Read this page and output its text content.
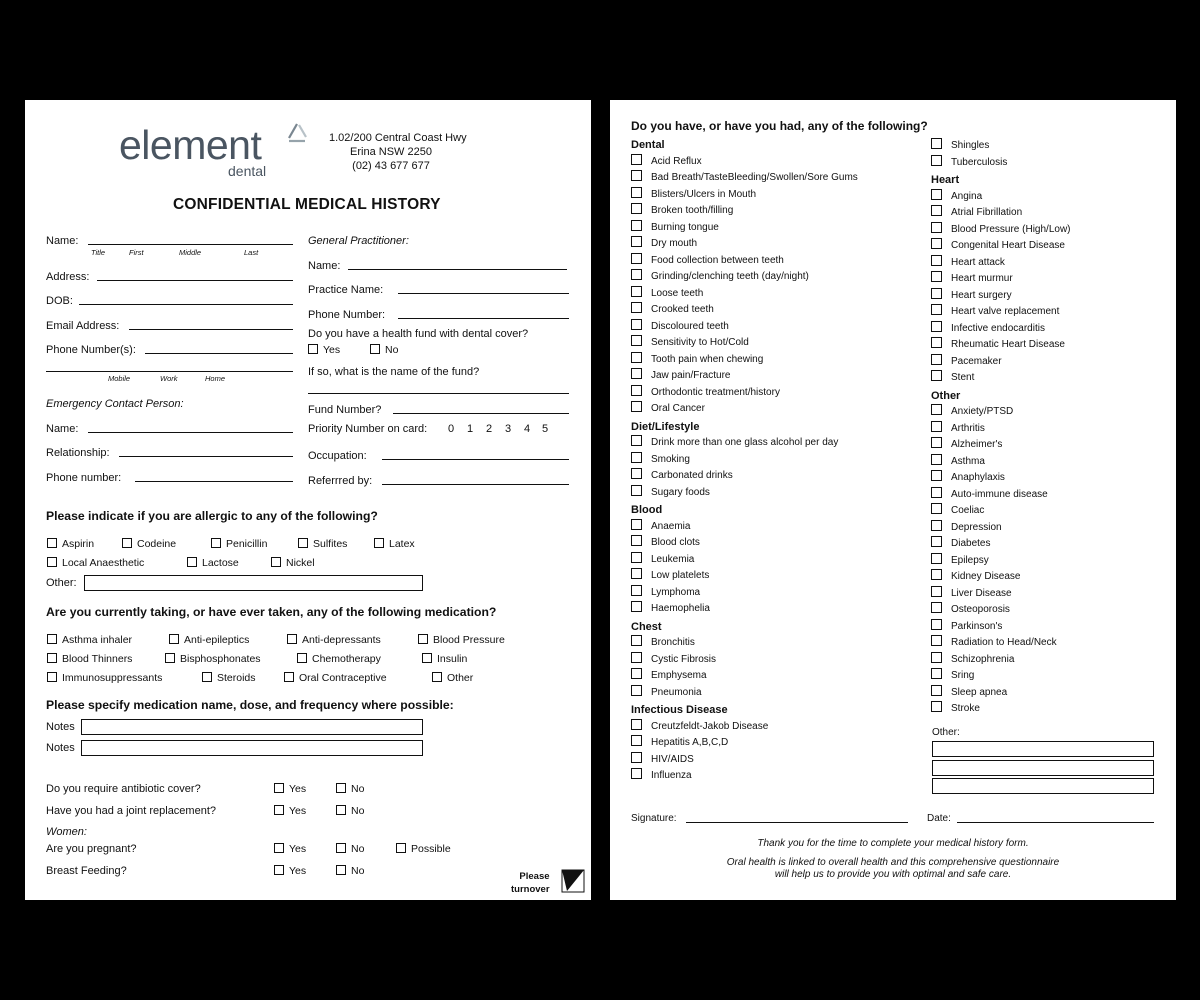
element
dental
1.02/200 Central Coast Hwy
Erina NSW 2250
(02) 43 677 677
CONFIDENTIAL MEDICAL HISTORY
Name:
Title	First	Middle	Last
Address:
DOB:
Email Address:
Phone Number(s):
Mobile	Work	Home
Emergency Contact Person:
Name:
Relationship:
Phone number:
General Practitioner:
Name:
Practice Name:
Phone Number:
Do you have a health fund with dental cover?
Yes	No
If so, what is the name of the fund?
Fund Number?
Priority Number on card: 0 1 2 3 4 5
Occupation:
Referrred by:
Please indicate if you are allergic to any of the following?
Aspirin	Codeine	Penicillin	Sulfites	Latex
Local Anaesthetic	Lactose	Nickel
Other:
Are you currently taking, or have ever taken, any of the following medication?
Asthma inhaler	Anti-epileptics	Anti-depressants	Blood Pressure
Blood Thinners	Bisphosphonates	Chemotherapy	Insulin
Immunosuppressants	Steroids	Oral Contraceptive	Other
Please specify medication name, dose, and frequency where possible:
Notes
Notes
Do you require antibiotic cover?	Yes	No
Have you had a joint replacement?	Yes	No
Women:
Are you pregnant?	Yes	No	Possible
Breast Feeding?	Yes	No	Please
turnover
Do you have, or have you had, any of the following?
Dental
Acid Reflux
Bad Breath/TasteBleeding/Swollen/Sore Gums
Blisters/Ulcers in Mouth
Broken tooth/filling
Burning tongue
Dry mouth
Food collection between teeth
Grinding/clenching teeth (day/night)
Loose teeth
Crooked teeth
Discoloured teeth
Sensitivity to Hot/Cold
Tooth pain when chewing
Jaw pain/Fracture
Orthodontic treatment/history
Oral Cancer
Diet/Lifestyle
Drink more than one glass alcohol per day
Smoking
Carbonated drinks
Sugary foods
Blood
Anaemia
Blood clots
Leukemia
Low platelets
Lymphoma
Haemophelia
Chest
Bronchitis
Cystic Fibrosis
Emphysema
Pneumonia
Infectious Disease
Creutzfeldt-Jakob Disease
Hepatitis A,B,C,D
HIV/AIDS
Influenza
Shingles
Tuberculosis
Heart
Angina
Atrial Fibrillation
Blood Pressure (High/Low)
Congenital Heart Disease
Heart attack
Heart murmur
Heart surgery
Heart valve replacement
Infective endocarditis
Rheumatic Heart Disease
Pacemaker
Stent
Other
Anxiety/PTSD
Arthritis
Alzheimer's
Asthma
Anaphylaxis
Auto-immune disease
Coeliac
Depression
Diabetes
Epilepsy
Kidney Disease
Liver Disease
Osteoporosis
Parkinson's
Radiation to Head/Neck
Schizophrenia
Sring
Sleep apnea
Stroke
Other:
Signature:	Date:
Thank you for the time to complete your medical history form.
Oral health is linked to overall health and this comprehensive questionnaire
will help us to provide you with optimal and safe care.
